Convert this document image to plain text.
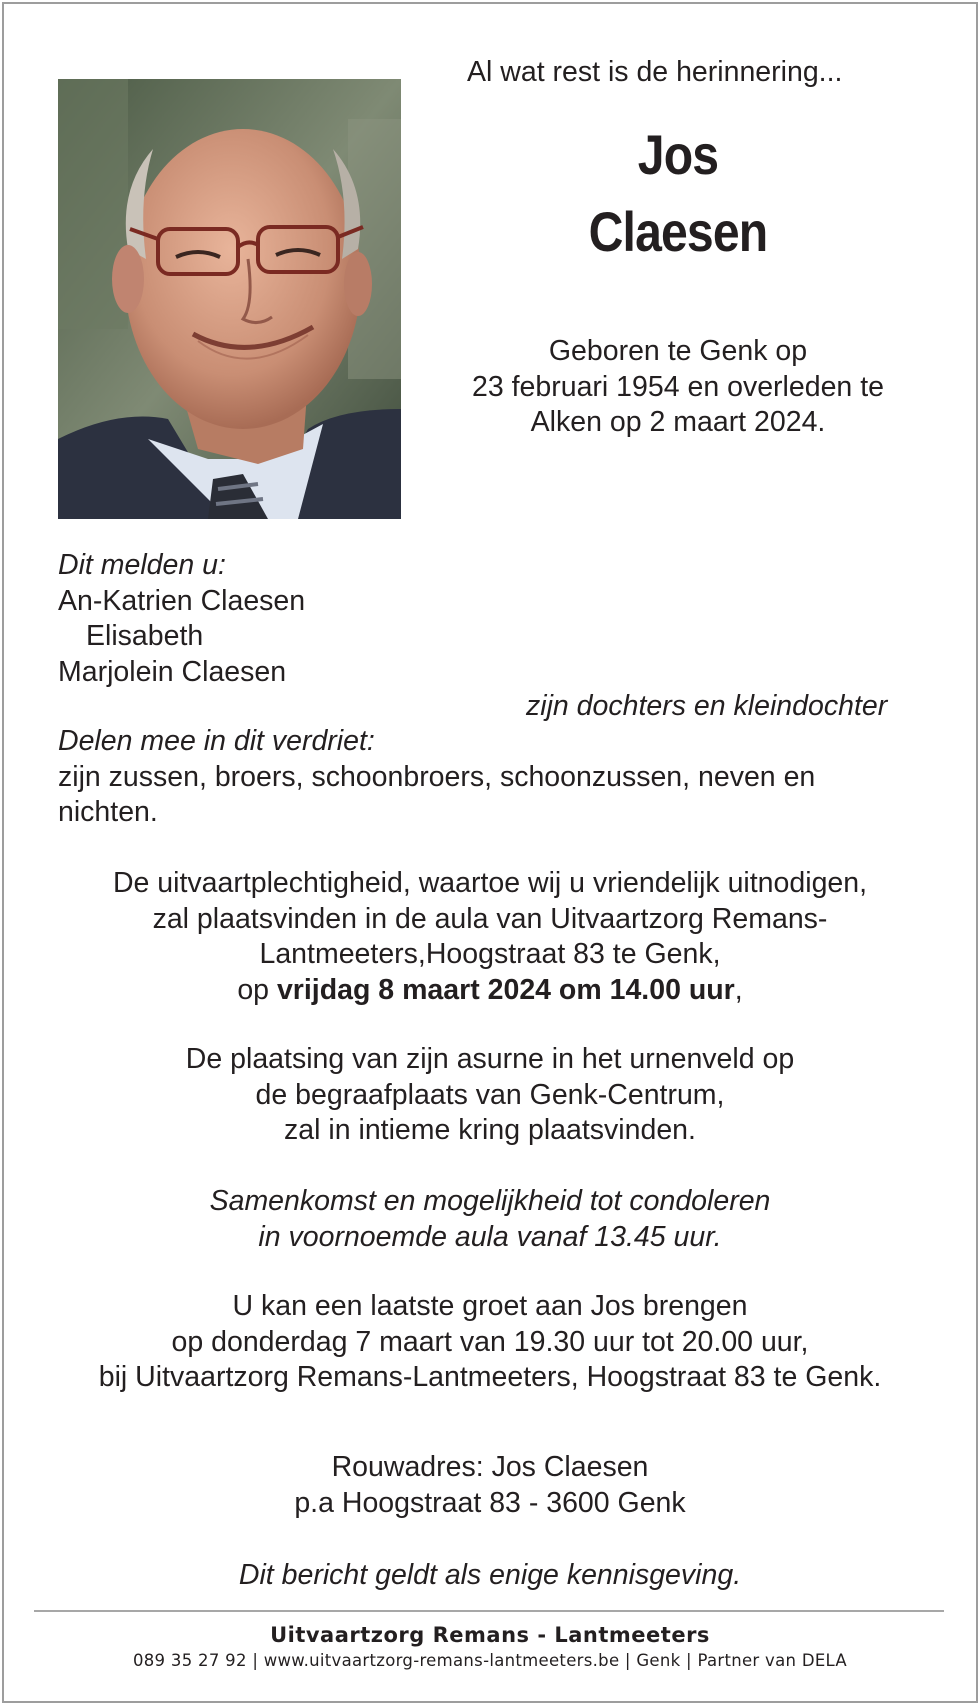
Al wat rest is de herinnering...
Jos
Claesen
Geboren te Genk op
23 februari 1954 en overleden te
Alken op 2 maart 2024.
Dit melden u:
An-Katrien Claesen
Elisabeth
Marjolein Claesen
zijn dochters en kleindochter
Delen mee in dit verdriet:
zijn zussen, broers, schoonbroers, schoonzussen, neven en
nichten.
De uitvaartplechtigheid, waartoe wij u vriendelijk uitnodigen,
zal plaatsvinden in de aula van Uitvaartzorg Remans-
Lantmeeters,Hoogstraat 83 te Genk,
op vrijdag 8 maart 2024 om 14.00 uur,
De plaatsing van zijn asurne in het urnenveld op
de begraafplaats van Genk-Centrum,
zal in intieme kring plaatsvinden.
Samenkomst en mogelijkheid tot condoleren
in voornoemde aula vanaf 13.45 uur.
U kan een laatste groet aan Jos brengen
op donderdag 7 maart van 19.30 uur tot 20.00 uur,
bij Uitvaartzorg Remans-Lantmeeters, Hoogstraat 83 te Genk.
Rouwadres: Jos Claesen
p.a Hoogstraat 83 - 3600 Genk
Dit bericht geldt als enige kennisgeving.
Uitvaartzorg Remans - Lantmeeters
089 35 27 92 | www.uitvaartzorg-remans-lantmeeters.be | Genk | Partner van DELA
